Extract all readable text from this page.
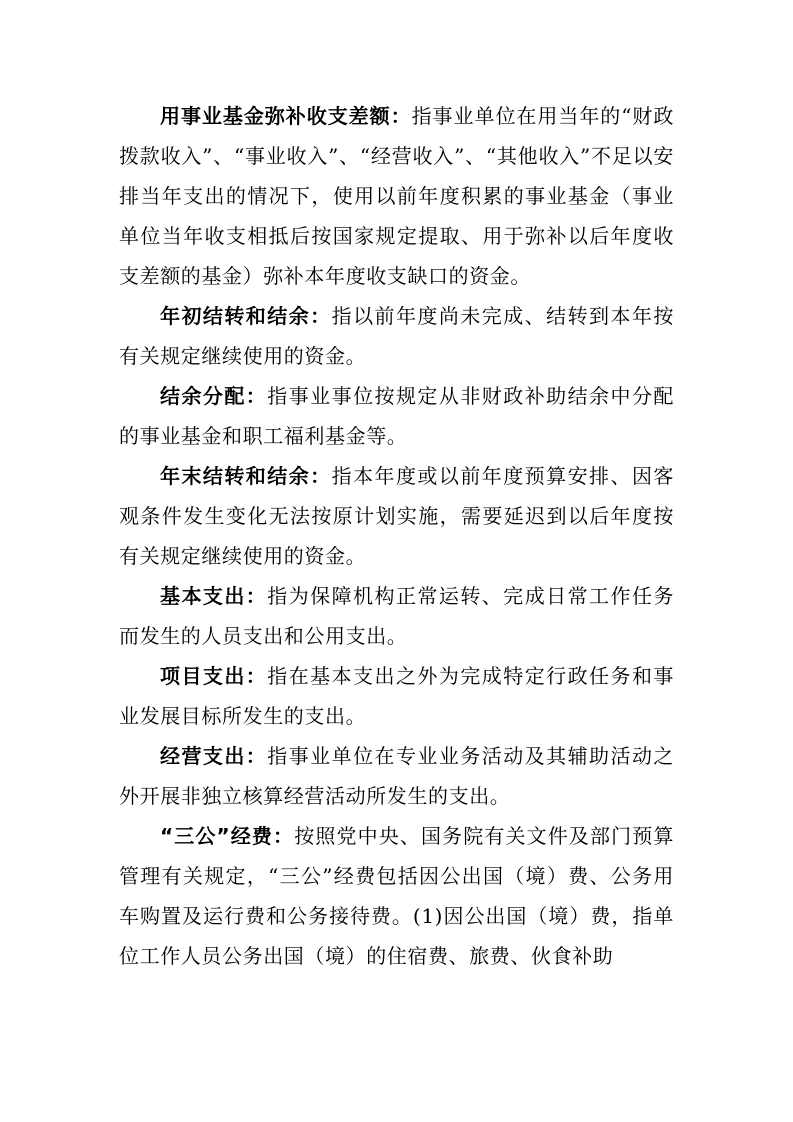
用事业基金弥补收支差额：指事业单位在用当年的“财政拨款收入”、“事业收入”、“经营收入”、“其他收入”不足以安排当年支出的情况下，使用以前年度积累的事业基金（事业单位当年收支相抵后按国家规定提取、用于弥补以后年度收支差额的基金）弥补本年度收支缺口的资金。

年初结转和结余：指以前年度尚未完成、结转到本年按有关规定继续使用的资金。

结余分配：指事业事位按规定从非财政补助结余中分配的事业基金和职工福利基金等。

年末结转和结余：指本年度或以前年度预算安排、因客观条件发生变化无法按原计划实施，需要延迟到以后年度按有关规定继续使用的资金。

基本支出：指为保障机构正常运转、完成日常工作任务而发生的人员支出和公用支出。

项目支出：指在基本支出之外为完成特定行政任务和事业发展目标所发生的支出。

经营支出：指事业单位在专业业务活动及其辅助活动之外开展非独立核算经营活动所发生的支出。

“三公”经费：按照党中央、国务院有关文件及部门预算管理有关规定，“三公”经费包括因公出国（境）费、公务用车购置及运行费和公务接待费。(1)因公出国（境）费，指单位工作人员公务出国（境）的住宿费、旅费、伙食补助
